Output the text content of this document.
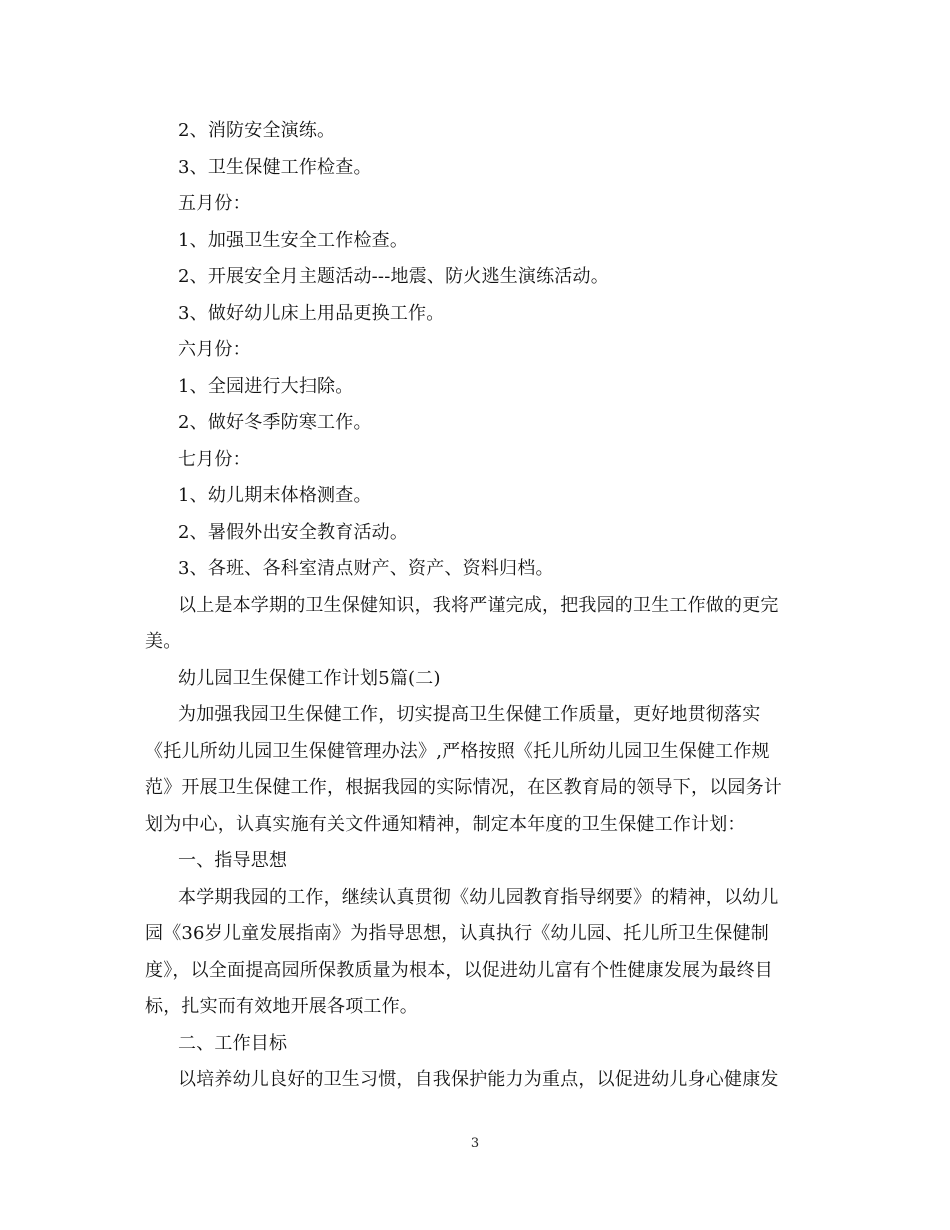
2、消防安全演练。

3、卫生保健工作检查。

五月份：

1、加强卫生安全工作检查。

2、开展安全月主题活动---地震、防火逃生演练活动。

3、做好幼儿床上用品更换工作。

六月份：

1、全园进行大扫除。

2、做好冬季防寒工作。

七月份：

1、幼儿期末体格测查。

2、暑假外出安全教育活动。

3、各班、各科室清点财产、资产、资料归档。

以上是本学期的卫生保健知识，我将严谨完成，把我园的卫生工作做的更完

美。

幼儿园卫生保健工作计划5篇(二)

为加强我园卫生保健工作，切实提高卫生保健工作质量，更好地贯彻落实

《托儿所幼儿园卫生保健管理办法》,严格按照《托儿所幼儿园卫生保健工作规

范》开展卫生保健工作，根据我园的实际情况，在区教育局的领导下，以园务计

划为中心，认真实施有关文件通知精神，制定本年度的卫生保健工作计划：

一、指导思想

本学期我园的工作，继续认真贯彻《幼儿园教育指导纲要》的精神，以幼儿

园《36岁儿童发展指南》为指导思想，认真执行《幼儿园、托儿所卫生保健制

度》，以全面提高园所保教质量为根本，以促进幼儿富有个性健康发展为最终目

标，扎实而有效地开展各项工作。

二、工作目标

以培养幼儿良好的卫生习惯，自我保护能力为重点，以促进幼儿身心健康发

3
